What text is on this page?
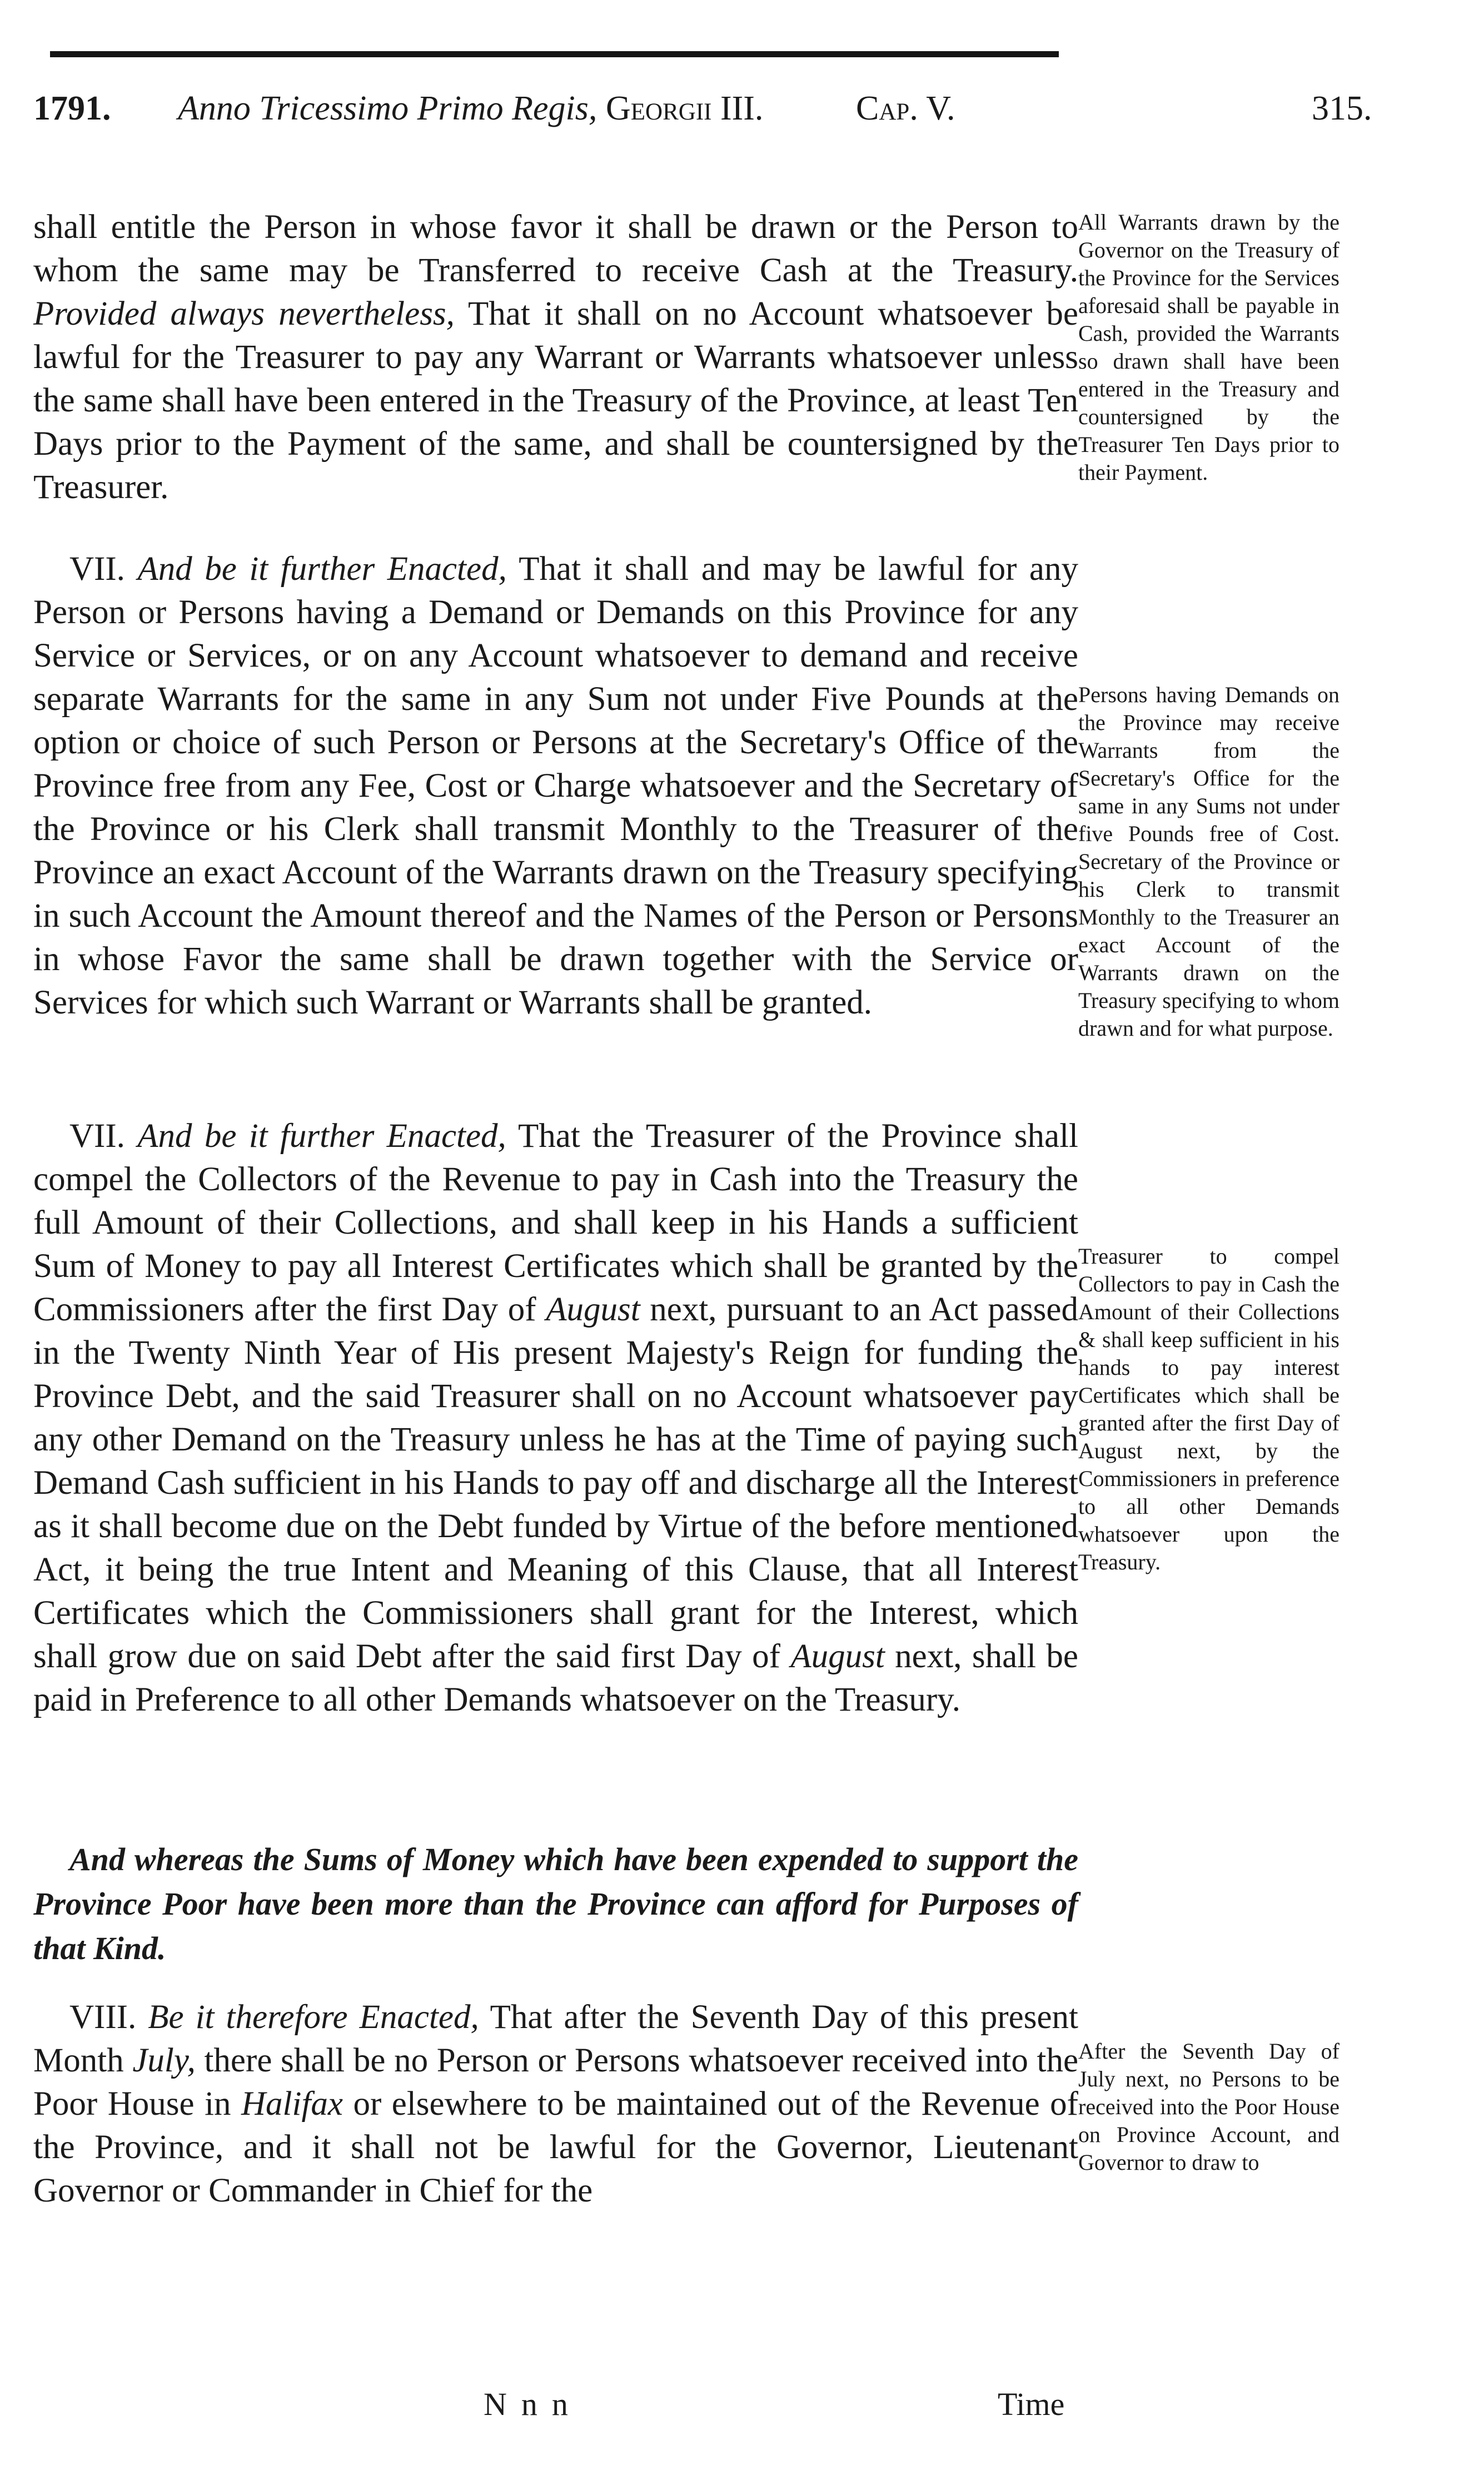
1791. Anno Tricessimo Primo Regis, Georgii III.	Cap. V.	315.

shall entitle the Person in whose favor it shall be drawn or the Person to whom the same may be Transferred to receive Cash at the Treasury. Provided always nevertheless, That it shall on no Account whatsoever be lawful for the Treasurer to pay any Warrant or Warrants whatsoever unless the same shall have been entered in the Treasury of the Province, at least Ten Days prior to the Payment of the same, and shall be countersigned by the Treasurer.

VII. And be it further Enacted, That it shall and may be lawful for any Person or Persons having a Demand or Demands on this Province for any Service or Services, or on any Account whatsoever to demand and receive separate Warrants for the same in any Sum not under Five Pounds at the option or choice of such Person or Persons at the Secretary's Office of the Province free from any Fee, Cost or Charge whatsoever and the Secretary of the Province or his Clerk shall transmit Monthly to the Treasurer of the Province an exact Account of the Warrants drawn on the Treasury specifying in such Account the Amount thereof and the Names of the Person or Persons in whose Favor the same shall be drawn together with the Service or Services for which such Warrant or Warrants shall be granted.

VII. And be it further Enacted, That the Treasurer of the Province shall compel the Collectors of the Revenue to pay in Cash into the Treasury the full Amount of their Collections, and shall keep in his Hands a sufficient Sum of Money to pay all Interest Certificates which shall be granted by the Commissioners after the first Day of August next, pursuant to an Act passed in the Twenty Ninth Year of His present Majesty's Reign for funding the Province Debt, and the said Treasurer shall on no Account whatsoever pay any other Demand on the Treasury unless he has at the Time of paying such Demand Cash sufficient in his Hands to pay off and discharge all the Interest as it shall become due on the Debt funded by Virtue of the before mentioned Act, it being the true Intent and Meaning of this Clause, that all Interest Certificates which the Commissioners shall grant for the Interest, which shall grow due on said Debt after the said first Day of August next, shall be paid in Preference to all other Demands whatsoever on the Treasury.

And whereas the Sums of Money which have been expended to support the Province Poor have been more than the Province can afford for Purposes of that Kind.

VIII. Be it therefore Enacted, That after the Seventh Day of this present Month July, there shall be no Person or Persons whatsoever received into the Poor House in Halifax or elsewhere to be maintained out of the Revenue of the Province, and it shall not be lawful for the Governor, Lieutenant Governor or Commander in Chief for the

All Warrants drawn by the Governor on the Treasury of the Province for the Services aforesaid shall be payable in Cash, provided the Warrants so drawn shall have been entered in the Treasury and countersigned by the Treasurer Ten Days prior to their Payment.

Persons having Demands on the Province may receive Warrants from the Secretary's Office for the same in any Sums not under five Pounds free of Cost. Secretary of the Province or his Clerk to transmit Monthly to the Treasurer an exact Account of the Warrants drawn on the Treasury specifying to whom drawn and for what purpose.

Treasurer to compel Collectors to pay in Cash the Amount of their Collections & shall keep sufficient in his hands to pay interest Certificates which shall be granted after the first Day of August next, by the Commissioners in preference to all other Demands whatsoever upon the Treasury.

After the Seventh Day of July next, no Persons to be received into the Poor House on Province Account, and Governor to draw to

Nnn	Time
